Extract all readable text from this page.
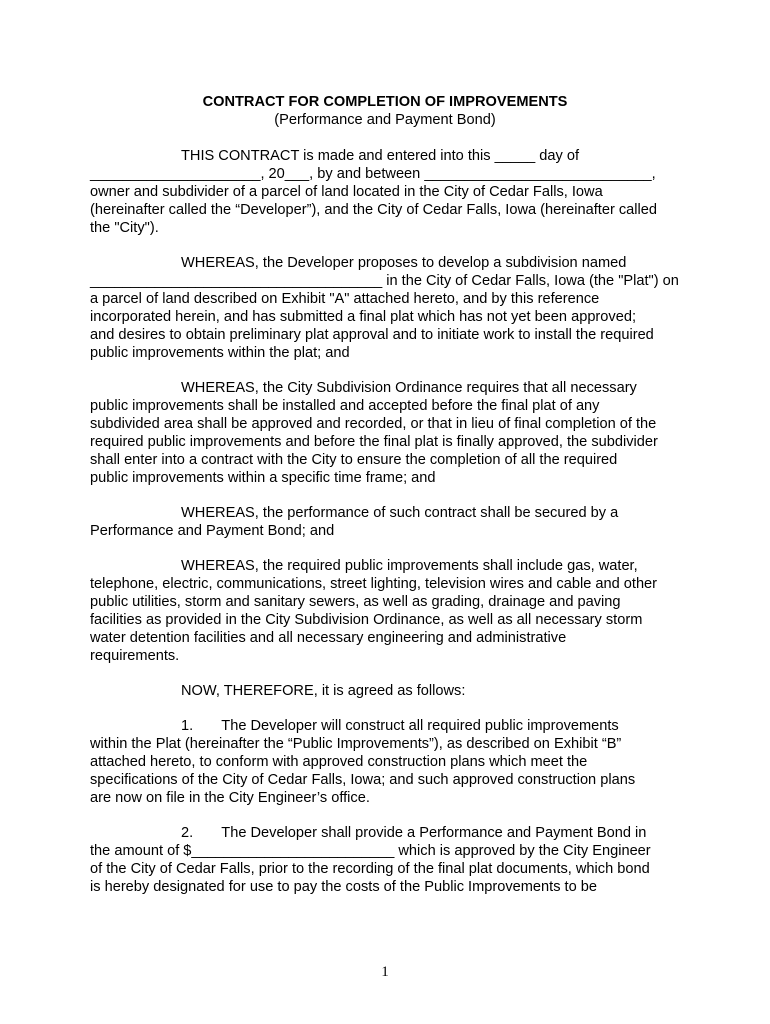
CONTRACT FOR COMPLETION OF IMPROVEMENTS
(Performance and Payment Bond)
THIS CONTRACT is made and entered into this _____ day of
_____________________, 20___, by and between ____________________________,
owner and subdivider of a parcel of land located in the City of Cedar Falls, Iowa
(hereinafter called the “Developer”), and the City of Cedar Falls, Iowa (hereinafter called
the "City").
WHEREAS, the Developer proposes to develop a subdivision named
____________________________________ in the City of Cedar Falls, Iowa (the "Plat") on
a parcel of land described on Exhibit "A" attached hereto, and by this reference
incorporated herein, and has submitted a final plat which has not yet been approved;
and desires to obtain preliminary plat approval and to initiate work to install the required
public improvements within the plat; and
WHEREAS, the City Subdivision Ordinance requires that all necessary
public improvements shall be installed and accepted before the final plat of any
subdivided area shall be approved and recorded, or that in lieu of final completion of the
required public improvements and before the final plat is finally approved, the subdivider
shall enter into a contract with the City to ensure the completion of all the required
public improvements within a specific time frame; and
WHEREAS, the performance of such contract shall be secured by a
Performance and Payment Bond; and
WHEREAS, the required public improvements shall include gas, water,
telephone, electric, communications, street lighting, television wires and cable and other
public utilities, storm and sanitary sewers, as well as grading, drainage and paving
facilities as provided in the City Subdivision Ordinance, as well as all necessary storm
water detention facilities and all necessary engineering and administrative
requirements.
NOW, THEREFORE, it is agreed as follows:
1.       The Developer will construct all required public improvements
within the Plat (hereinafter the “Public Improvements”), as described on Exhibit “B”
attached hereto, to conform with approved construction plans which meet the
specifications of the City of Cedar Falls, Iowa; and such approved construction plans
are now on file in the City Engineer’s office.
2.       The Developer shall provide a Performance and Payment Bond in
the amount of $_________________________ which is approved by the City Engineer
of the City of Cedar Falls, prior to the recording of the final plat documents, which bond
is hereby designated for use to pay the costs of the Public Improvements to be
1
